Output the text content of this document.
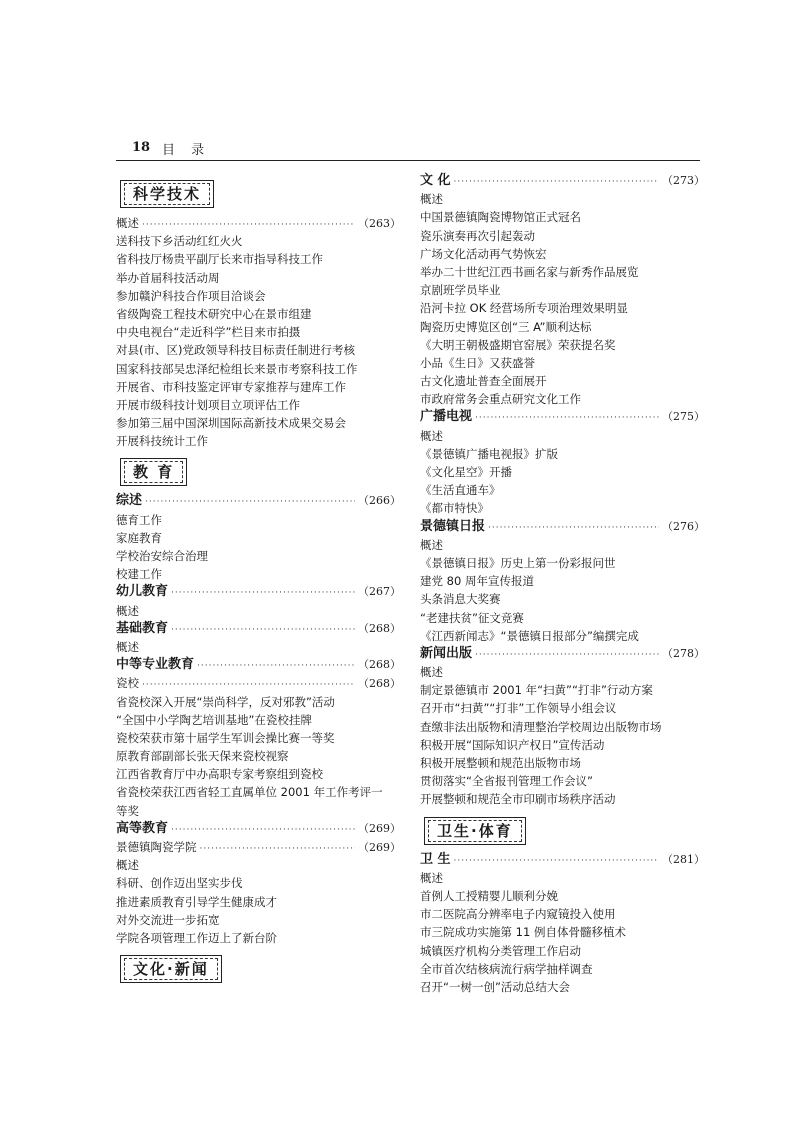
18 目 录
科学技术
概述 ·····	（263）
送科技下乡活动红红火火
省科技厅杨贵平副厅长来市指导科技工作
举办首届科技活动周
参加赣沪科技合作项目洽谈会
省级陶瓷工程技术研究中心在景市组建
中央电视台“走近科学”栏目来市拍摄
对县(市、区)党政领导科技目标责任制进行考核
国家科技部吴忠泽纪检组长来景市考察科技工作
开展省、市科技鉴定评审专家推荐与建库工作
开展市级科技计划项目立项评估工作
参加第三届中国深圳国际高新技术成果交易会
开展科技统计工作
教 育
综述 ·····	（266）
德育工作
家庭教育
学校治安综合治理
校建工作
幼儿教育 ·····	（267）
概述
基础教育 ·····	（268）
概述
中等专业教育 ·····	（268）
瓷校 ·····	（268）
省瓷校深入开展“崇尚科学，反对邪教”活动
“全国中小学陶艺培训基地”在瓷校挂牌
瓷校荣获市第十届学生军训会操比赛一等奖
原教育部副部长张天保来瓷校视察
江西省教育厅中办高职专家考察组到瓷校
省瓷校荣获江西省轻工直属单位 2001 年工作考评一
等奖
高等教育 ·····	（269）
景德镇陶瓷学院 ·····	（269）
概述
科研、创作迈出坚实步伐
推进素质教育引导学生健康成才
对外交流进一步拓宽
学院各项管理工作迈上了新台阶
文化·新闻
文 化 ·····	（273）
概述
中国景德镇陶瓷博物馆正式冠名
瓷乐演奏再次引起轰动
广场文化活动再气势恢宏
举办二十世纪江西书画名家与新秀作品展览
京剧班学员毕业
沿河卡拉 OK 经营场所专项治理效果明显
陶瓷历史博览区创“三 A”顺利达标
《大明王朝极盛期官窑展》荣获提名奖
小品《生日》又获盛誉
古文化遗址普查全面展开
市政府常务会重点研究文化工作
广播电视 ·····	（275）
概述
《景德镇广播电视报》扩版
《文化星空》开播
《生活直通车》
《都市特快》
景德镇日报 ·····	（276）
概述
《景德镇日报》历史上第一份彩报问世
建党 80 周年宣传报道
头条消息大奖赛
“老建扶贫”征文竞赛
《江西新闻志》“景德镇日报部分”编撰完成
新闻出版 ·····	（278）
概述
制定景德镇市 2001 年“扫黄”“打非”行动方案
召开市“扫黄”“打非”工作领导小组会议
查缴非法出版物和清理整治学校周边出版物市场
积极开展“国际知识产权日”宣传活动
积极开展整顿和规范出版物市场
贯彻落实“全省报刊管理工作会议”
开展整顿和规范全市印刷市场秩序活动
卫生·体育
卫 生 ·····	（281）
概述
首例人工授精婴儿顺利分娩
市二医院高分辨率电子内窥镜投入使用
市三院成功实施第 11 例自体骨髓移植术
城镇医疗机构分类管理工作启动
全市首次结核病流行病学抽样调查
召开“一树一创”活动总结大会
